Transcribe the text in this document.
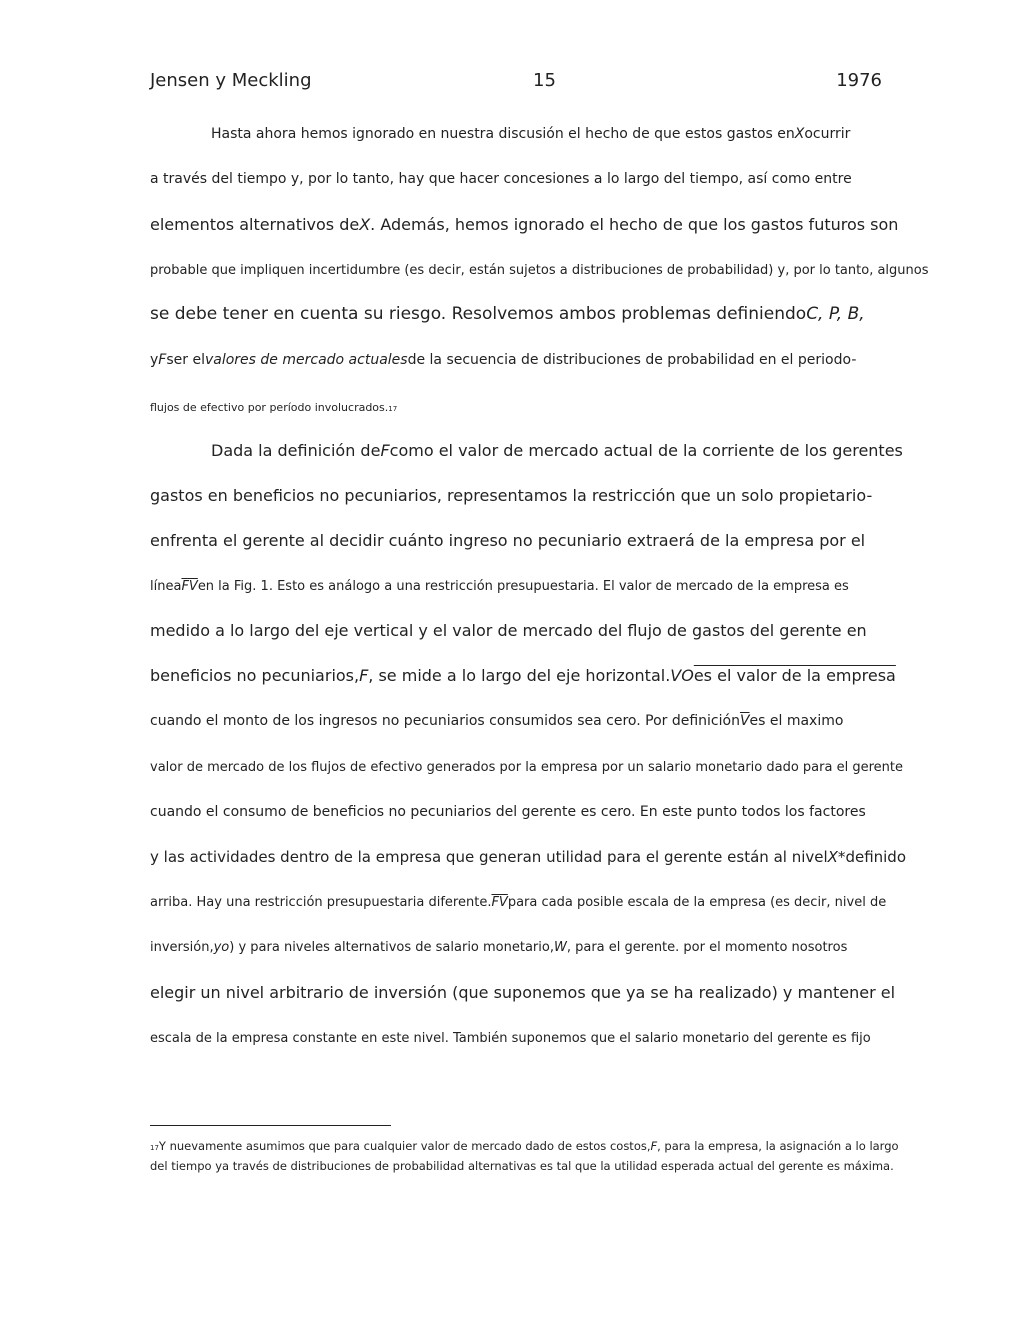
Jensen y Meckling	15	1976
Hasta ahora hemos ignorado en nuestra discusión el hecho de que estos gastos enXocurrir
a través del tiempo y, por lo tanto, hay que hacer concesiones a lo largo del tiempo, así como entre
elementos alternativos deX. Además, hemos ignorado el hecho de que los gastos futuros son
probable que impliquen incertidumbre (es decir, están sujetos a distribuciones de probabilidad) y, por lo tanto, algunos
se debe tener en cuenta su riesgo. Resolvemos ambos problemas definiendoC, P, B,
yFser elvalores de mercado actualesde la secuencia de distribuciones de probabilidad en el periodo-
flujos de efectivo por período involucrados.17
Dada la definición deFcomo el valor de mercado actual de la corriente de los gerentes
gastos en beneficios no pecuniarios, representamos la restricción que un solo propietario-
enfrenta el gerente al decidir cuánto ingreso no pecuniario extraerá de la empresa por el
$línea\overline{FV}en$ la Fig. 1. Esto es análogo a una restricción presupuestaria. El valor de mercado de la empresa es
medido a lo largo del eje vertical y el valor de mercado del flujo de gastos del gerente en
beneficios no pecuniarios,F, se mide a lo largo del eje horizontal.VOes el valor de la empresa
cuando el monto de los ingresos no pecuniarios consumidos sea cero. Por $definición\overline{V}es$ el maximo
valor de mercado de los flujos de efectivo generados por la empresa por un salario monetario dado para el gerente
cuando el consumo de beneficios no pecuniarios del gerente es cero. En este punto todos los factores
y las actividades dentro de la empresa que generan utilidad para el gerente están al nivelX*definido
arriba. Hay una restricción presupuestaria $diferente.\overline{FV}para$ cada posible escala de la empresa (es decir, nivel de
inversión,yo) y para niveles alternativos de salario monetario,W, para el gerente. por el momento nosotros
elegir un nivel arbitrario de inversión (que suponemos que ya se ha realizado) y mantener el
escala de la empresa constante en este nivel. También suponemos que el salario monetario del gerente es fijo
17Y nuevamente asumimos que para cualquier valor de mercado dado de estos costos,F, para la empresa, la asignación a lo largo
del tiempo ya través de distribuciones de probabilidad alternativas es tal que la utilidad esperada actual del gerente es máxima.
